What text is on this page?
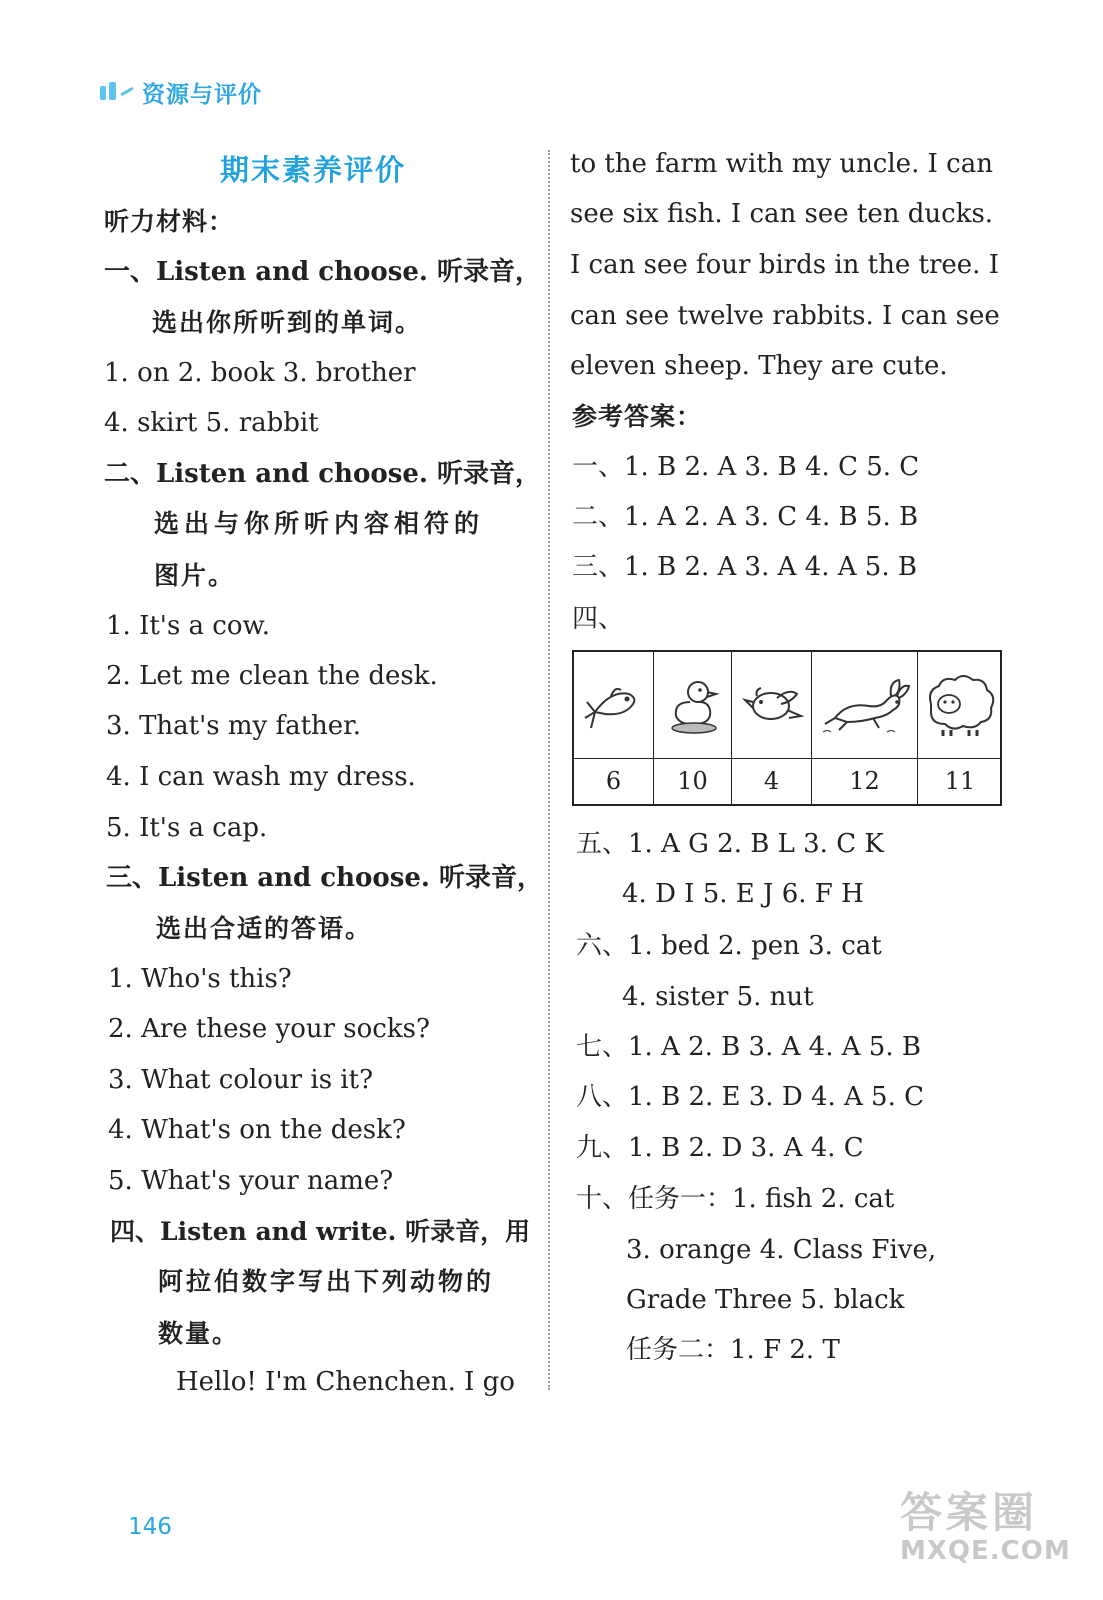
资源与评价
期末素养评价
听力材料：
一、Listen and choose. 听录音，
选出你所听到的单词。
1. on 2. book 3. brother
4. skirt 5. rabbit
二、Listen and choose. 听录音，
选出与你所听内容相符的
图片。
1. It's a cow.
2. Let me clean the desk.
3. That's my father.
4. I can wash my dress.
5. It's a cap.
三、Listen and choose. 听录音，
选出合适的答语。
1. Who's this?
2. Are these your socks?
3. What colour is it?
4. What's on the desk?
5. What's your name?
四、Listen and write. 听录音，用
阿拉伯数字写出下列动物的
数量。
Hello! I'm Chenchen. I go
to the farm with my uncle. I can
see six fish. I can see ten ducks.
I can see four birds in the tree. I
can see twelve rabbits. I can see
eleven sheep. They are cute.
参考答案：
一、1. B 2. A 3. B 4. C 5. C
二、1. A 2. A 3. C 4. B 5. B
三、1. B 2. A 3. A 4. A 5. B
四、
6	10	4	12	11
五、1. A G 2. B L 3. C K
4. D I 5. E J 6. F H
六、1. bed 2. pen 3. cat
4. sister 5. nut
七、1. A 2. B 3. A 4. A 5. B
八、1. B 2. E 3. D 4. A 5. C
九、1. B 2. D 3. A 4. C
十、任务一：1. fish 2. cat
3. orange 4. Class Five,
Grade Three 5. black
任务二：1. F 2. T
146	答案圈
MXQE.COM
